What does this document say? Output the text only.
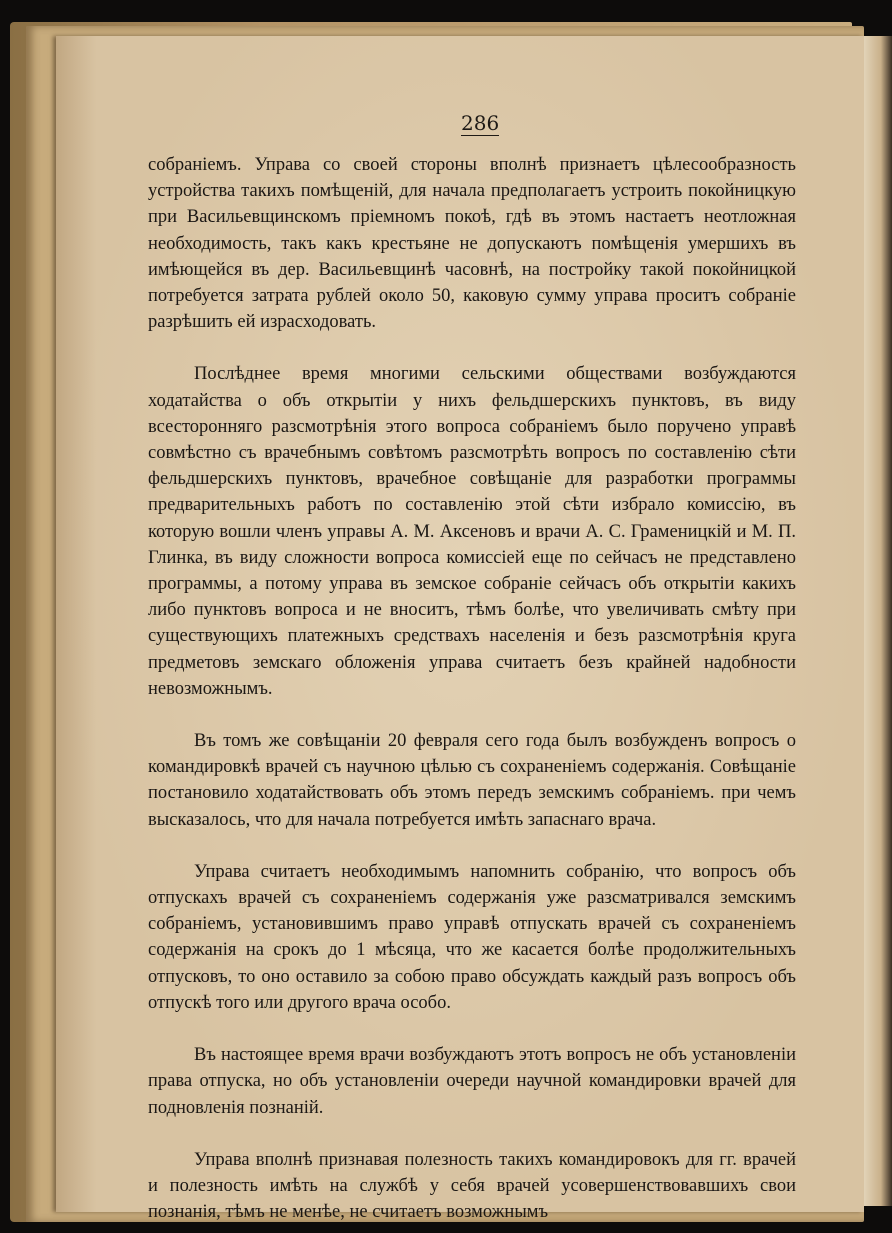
286

собраніемъ. Управа со своей стороны вполнѣ признаетъ цѣлесообразность устройства такихъ помѣщеній, для начала предполагаетъ устроить покойницкую при Васильевщинскомъ пріемномъ покоѣ, гдѣ въ этомъ настаетъ неотложная необходимость, такъ какъ крестьяне не допускаютъ помѣщенія умершихъ въ имѣющейся въ дер. Васильевщинѣ часовнѣ, на постройку такой покойницкой потребуется затрата рублей около 50, каковую сумму управа проситъ собраніе разрѣшить ей израсходовать.

Послѣднее время многими сельскими обществами возбуждаются ходатайства о объ открытіи у нихъ фельдшерскихъ пунктовъ, въ виду всесторонняго разсмотрѣнія этого вопроса собраніемъ было поручено управѣ совмѣстно съ врачебнымъ совѣтомъ разсмотрѣть вопросъ по составленію сѣти фельдшерскихъ пунктовъ, врачебное совѣщаніе для разработки программы предварительныхъ работъ по составленію этой сѣти избрало комиссію, въ которую вошли членъ управы А. М. Аксеновъ и врачи А. С. Граменицкій и М. П. Глинка, въ виду сложности вопроса комиссіей еще по сейчасъ не представлено программы, а потому управа въ земское собраніе сейчасъ объ открытіи какихъ либо пунктовъ вопроса и не вноситъ, тѣмъ болѣе, что увеличивать смѣту при существующихъ платежныхъ средствахъ населенія и безъ разсмотрѣнія круга предметовъ земскаго обложенія управа считаетъ безъ крайней надобности невозможнымъ.

Въ томъ же совѣщаніи 20 февраля сего года былъ возбужденъ вопросъ о командировкѣ врачей съ научною цѣлью съ сохраненіемъ содержанія. Совѣщаніе постановило ходатайствовать объ этомъ передъ земскимъ собраніемъ. при чемъ высказалось, что для начала потребуется имѣть запаснаго врача.

Управа считаетъ необходимымъ напомнить собранію, что вопросъ объ отпускахъ врачей съ сохраненіемъ содержанія уже разсматривался земскимъ собраніемъ, установившимъ право управѣ отпускать врачей съ сохраненіемъ содержанія на срокъ до 1 мѣсяца, что же касается болѣе продолжительныхъ отпусковъ, то оно оставило за собою право обсуждать каждый разъ вопросъ объ отпускѣ того или другого врача особо.

Въ настоящее время врачи возбуждаютъ этотъ вопросъ не объ установленіи права отпуска, но объ установленіи очереди научной командировки врачей для подновленія познаній.

Управа вполнѣ признавая полезность такихъ командировокъ для гг. врачей и полезность имѣть на службѣ у себя врачей усовершенствовавшихъ свои познанія, тѣмъ не менѣе, не считаетъ возможнымъ
